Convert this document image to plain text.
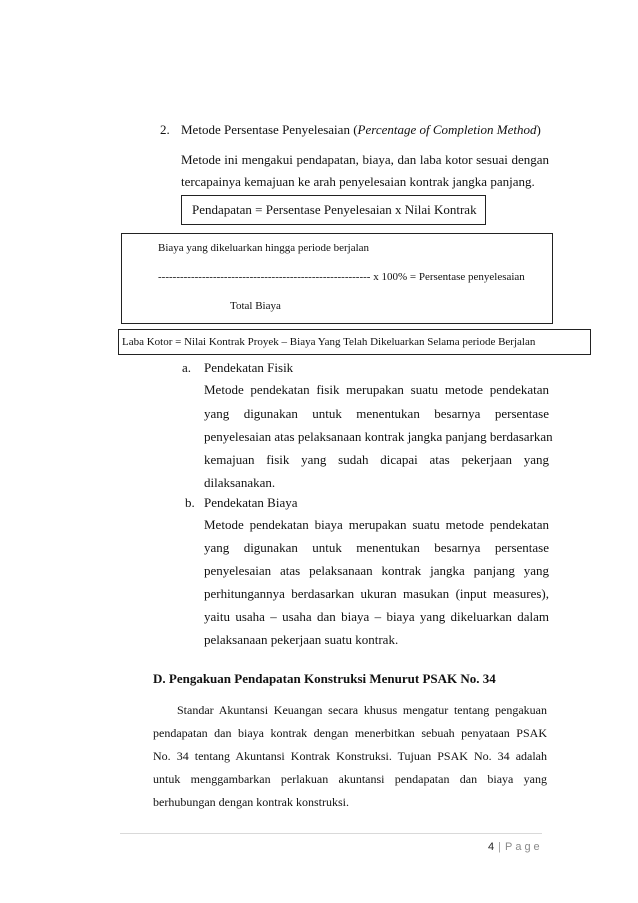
2. Metode Persentase Penyelesaian (Percentage of Completion Method)
Metode ini mengakui pendapatan, biaya, dan laba kotor sesuai dengan
tercapainya kemajuan ke arah penyelesaian kontrak jangka panjang.
Pendapatan = Persentase Penyelesaian x Nilai Kontrak
Biaya yang dikeluarkan hingga periode berjalan
---------------------------------------------------------- x 100% = Persentase penyelesaian
Total Biaya
Laba Kotor = Nilai Kontrak Proyek – Biaya Yang Telah Dikeluarkan Selama periode Berjalan
a. Pendekatan Fisik
Metode pendekatan fisik merupakan suatu metode pendekatan
yang digunakan untuk menentukan besarnya persentase
penyelesaian atas pelaksanaan kontrak jangka panjang berdasarkan
kemajuan fisik yang sudah dicapai atas pekerjaan yang
dilaksanakan.
b. Pendekatan Biaya
Metode pendekatan biaya merupakan suatu metode pendekatan
yang digunakan untuk menentukan besarnya persentase
penyelesaian atas pelaksanaan kontrak jangka panjang yang
perhitungannya berdasarkan ukuran masukan (input measures),
yaitu usaha – usaha dan biaya – biaya yang dikeluarkan dalam
pelaksanaan pekerjaan suatu kontrak.
D. Pengakuan Pendapatan Konstruksi Menurut PSAK No. 34
Standar Akuntansi Keuangan secara khusus mengatur tentang pengakuan
pendapatan dan biaya kontrak dengan menerbitkan sebuah penyataan PSAK
No. 34 tentang Akuntansi Kontrak Konstruksi. Tujuan PSAK No. 34 adalah
untuk menggambarkan perlakuan akuntansi pendapatan dan biaya yang
berhubungan dengan kontrak konstruksi.
4 | Page
